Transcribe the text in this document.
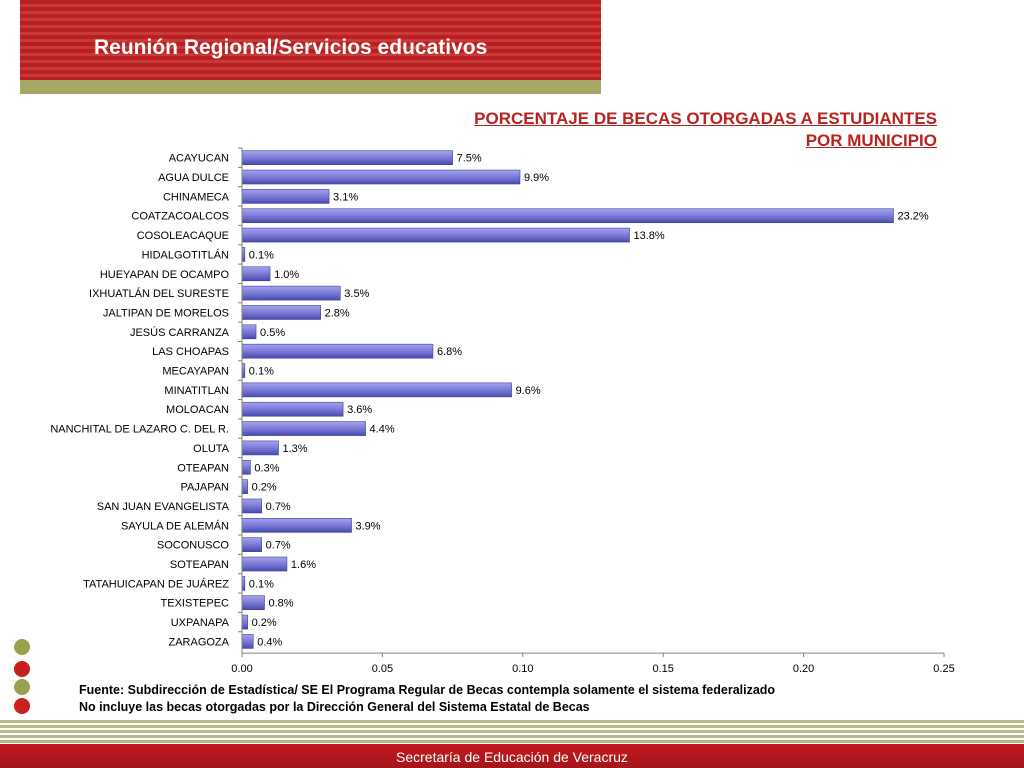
Reunión Regional/Servicios educativos
PORCENTAJE DE BECAS OTORGADAS A ESTUDIANTES
POR MUNICIPIO
ACAYUCAN	7.5%
AGUA DULCE	9.9%
CHINAMECA	3.1%
COATZACOALCOS	23.2%
COSOLEACAQUE	13.8%
HIDALGOTITLÁN 0.1%
HUEYAPAN DE OCAMPO	1.0%
IXHUATLÁN DEL SURESTE	3.5%
JALTIPAN DE MORELOS	2.8%
JESÚS CARRANZA	0.5%
LAS CHOAPAS	6.8%
MECAYAPAN 0.1%
MINATITLAN	9.6%
MOLOACAN	3.6%
NANCHITAL DE LAZARO C. DEL R.	4.4%
OLUTA	1.3%
OTEAPAN 0.3%
PAJAPAN 0.2%
SAN JUAN EVANGELISTA	0.7%
SAYULA DE ALEMÁN	3.9%
SOCONUSCO	0.7%
SOTEAPAN	1.6%
TATAHUICAPAN DE JUÁREZ 0.1%
TEXISTEPEC	0.8%
UXPANAPA 0.2%
ZARAGOZA	0.4%
0.00	0.05	0.10	0.15	0.20	0.25
Fuente: Subdirección de Estadística/ SE El Programa Regular de Becas contempla solamente el sistema federalizado
No incluye las becas otorgadas por la Dirección General del Sistema Estatal de Becas
Secretaría de Educación de Veracruz
